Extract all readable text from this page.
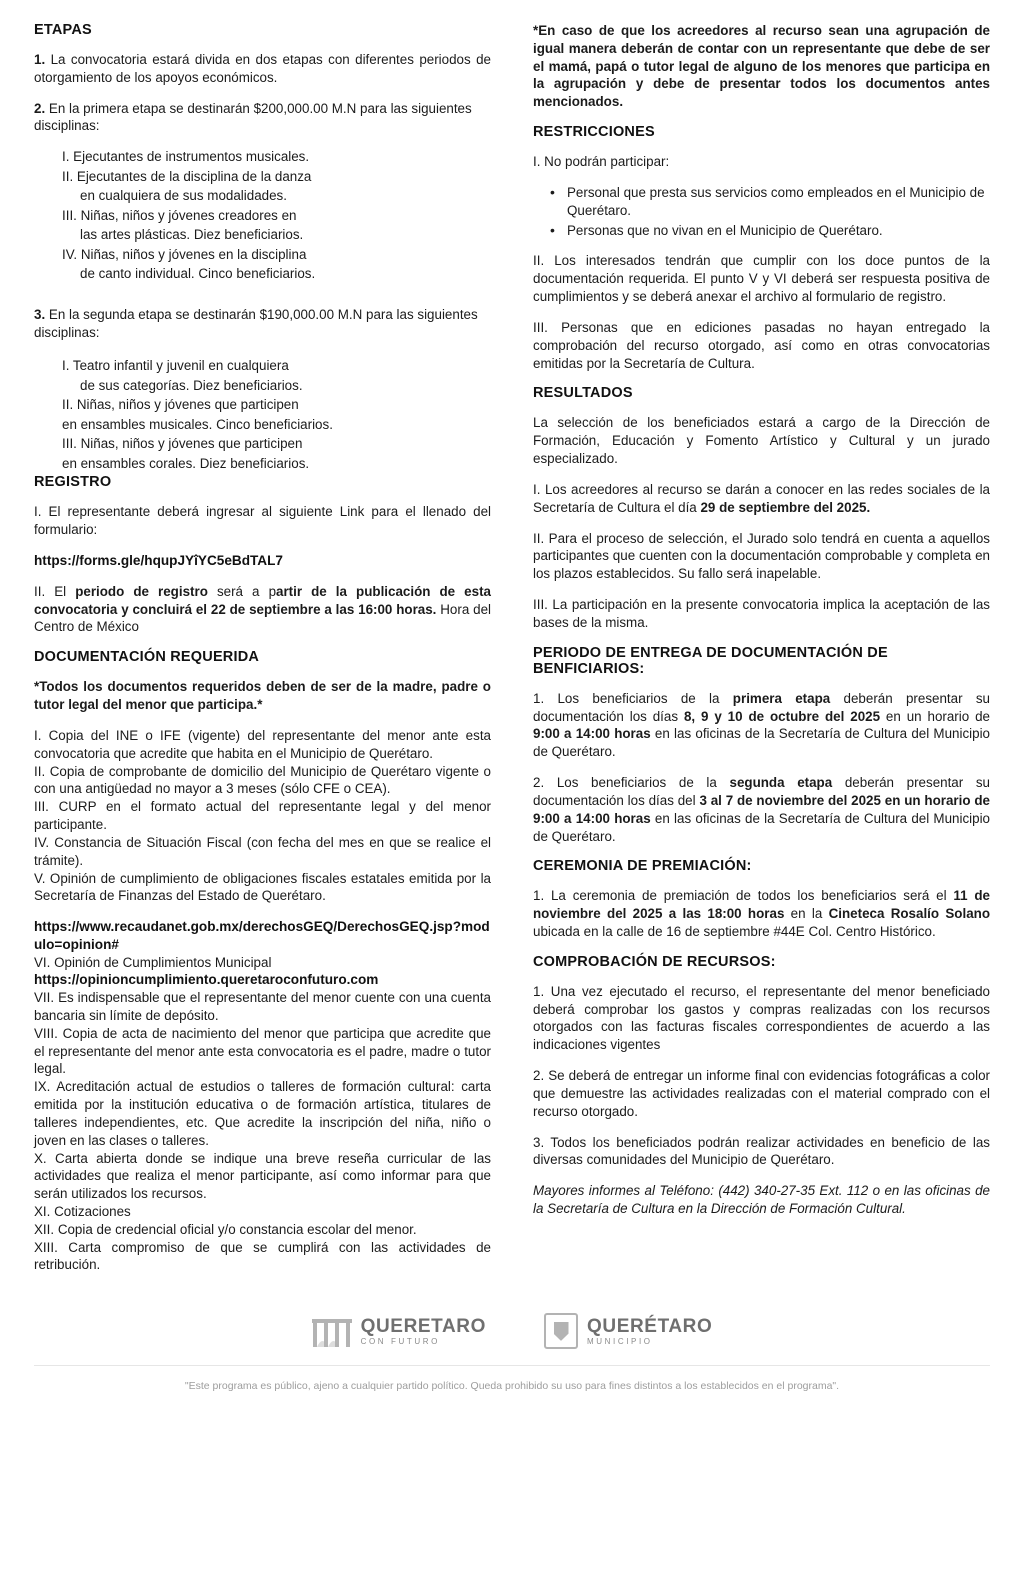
ETAPAS

1. La convocatoria estará divida en dos etapas con diferentes periodos de otorgamiento de los apoyos económicos.

2. En la primera etapa se destinarán $200,000.00 M.N para las siguientes disciplinas:

I. Ejecutantes de instrumentos musicales.
II. Ejecutantes de la disciplina de la danza
en cualquiera de sus modalidades.
III. Niñas, niños y jóvenes creadores en
las artes plásticas. Diez beneficiarios.
IV. Niñas, niños y jóvenes en la disciplina
de canto individual. Cinco beneficiarios.

3. En la segunda etapa se destinarán $190,000.00 M.N para las siguientes disciplinas:

I. Teatro infantil y juvenil en cualquiera
de sus categorías. Diez beneficiarios.
II. Niñas, niños y jóvenes que participen
en ensambles musicales. Cinco beneficiarios.
III. Niñas, niños y jóvenes que participen
en ensambles corales. Diez beneficiarios.
REGISTRO

I. El representante deberá ingresar al siguiente Link para el llenado del formulario:

https://forms.gle/hqupJYîYC5eBdTAL7

II. El periodo de registro será a partir de la publicación de esta convocatoria y concluirá el 22 de septiembre a las 16:00 horas. Hora del Centro de México

DOCUMENTACIÓN REQUERIDA

*Todos los documentos requeridos deben de ser de la madre, padre o tutor legal del menor que participa.*

I. Copia del INE o IFE (vigente) del representante del menor ante esta convocatoria que acredite que habita en el Municipio de Querétaro.

II. Copia de comprobante de domicilio del Municipio de Querétaro vigente o con una antigüedad no mayor a 3 meses (sólo CFE o CEA).

III. CURP en el formato actual del representante legal y del menor participante.

IV. Constancia de Situación Fiscal (con fecha del mes en que se realice el trámite).

V. Opinión de cumplimiento de obligaciones fiscales estatales emitida por la Secretaría de Finanzas del Estado de Querétaro.

https://www.recaudanet.gob.mx/derechosGEQ/DerechosGEQ.jsp?modulo=opinion#

VI. Opinión de Cumplimientos Municipal

https://opinioncumplimiento.queretaroconfuturo.com

VII. Es indispensable que el representante del menor cuente con una cuenta bancaria sin límite de depósito.

VIII. Copia de acta de nacimiento del menor que participa que acredite que el representante del menor ante esta convocatoria es el padre, madre o tutor legal.

IX. Acreditación actual de estudios o talleres de formación cultural: carta emitida por la institución educativa o de formación artística, titulares de talleres independientes, etc. Que acredite la inscripción del niña, niño o joven en las clases o talleres.

X. Carta abierta donde se indique una breve reseña curricular de las actividades que realiza el menor participante, así como informar para que serán utilizados los recursos.

XI. Cotizaciones

XII. Copia de credencial oficial y/o constancia escolar del menor.

XIII. Carta compromiso de que se cumplirá con las actividades de retribución.

*En caso de que los acreedores al recurso sean una agrupación de igual manera deberán de contar con un representante que debe de ser el mamá, papá o tutor legal de alguno de los menores que participa en la agrupación y debe de presentar todos los documentos antes mencionados.

RESTRICCIONES

I. No podrán participar:

• Personal que presta sus servicios como empleados en el Municipio de Querétaro.
• Personas que no vivan en el Municipio de Querétaro.

II. Los interesados tendrán que cumplir con los doce puntos de la documentación requerida. El punto V y VI deberá ser respuesta positiva de cumplimientos y se deberá anexar el archivo al formulario de registro.

III. Personas que en ediciones pasadas no hayan entregado la comprobación del recurso otorgado, así como en otras convocatorias emitidas por la Secretaría de Cultura.

RESULTADOS

La selección de los beneficiados estará a cargo de la Dirección de Formación, Educación y Fomento Artístico y Cultural y un jurado especializado.

I. Los acreedores al recurso se darán a conocer en las redes sociales de la Secretaría de Cultura el día 29 de septiembre del 2025.

II. Para el proceso de selección, el Jurado solo tendrá en cuenta a aquellos participantes que cuenten con la documentación comprobable y completa en los plazos establecidos. Su fallo será inapelable.

III. La participación en la presente convocatoria implica la aceptación de las bases de la misma.

PERIODO DE ENTREGA DE DOCUMENTACIÓN DE BENFICIARIOS:

1. Los beneficiarios de la primera etapa deberán presentar su documentación los días 8, 9 y 10 de octubre del 2025 en un horario de 9:00 a 14:00 horas en las oficinas de la Secretaría de Cultura del Municipio de Querétaro.

2. Los beneficiarios de la segunda etapa deberán presentar su documentación los días del 3 al 7 de noviembre del 2025 en un horario de 9:00 a 14:00 horas en las oficinas de la Secretaría de Cultura del Municipio de Querétaro.

CEREMONIA DE PREMIACIÓN:

1. La ceremonia de premiación de todos los beneficiarios será el 11 de noviembre del 2025 a las 18:00 horas en la Cineteca Rosalío Solano ubicada en la calle de 16 de septiembre #44E Col. Centro Histórico.

COMPROBACIÓN DE RECURSOS:

1. Una vez ejecutado el recurso, el representante del menor beneficiado deberá comprobar los gastos y compras realizadas con los recursos otorgados con las facturas fiscales correspondientes de acuerdo a las indicaciones vigentes

2. Se deberá de entregar un informe final con evidencias fotográficas a color que demuestre las actividades realizadas con el material comprado con el recurso otorgado.

3. Todos los beneficiados podrán realizar actividades en beneficio de las diversas comunidades del Municipio de Querétaro.

Mayores informes al Teléfono: (442) 340-27-35 Ext. 112 o en las oficinas de la Secretaría de Cultura en la Dirección de Formación Cultural.

QUERETARO
CON FUTURO
QUERÉTARO
MUNICIPIO
"Este programa es público, ajeno a cualquier partido político. Queda prohibido su uso para fines distintos a los establecidos en el programa".
